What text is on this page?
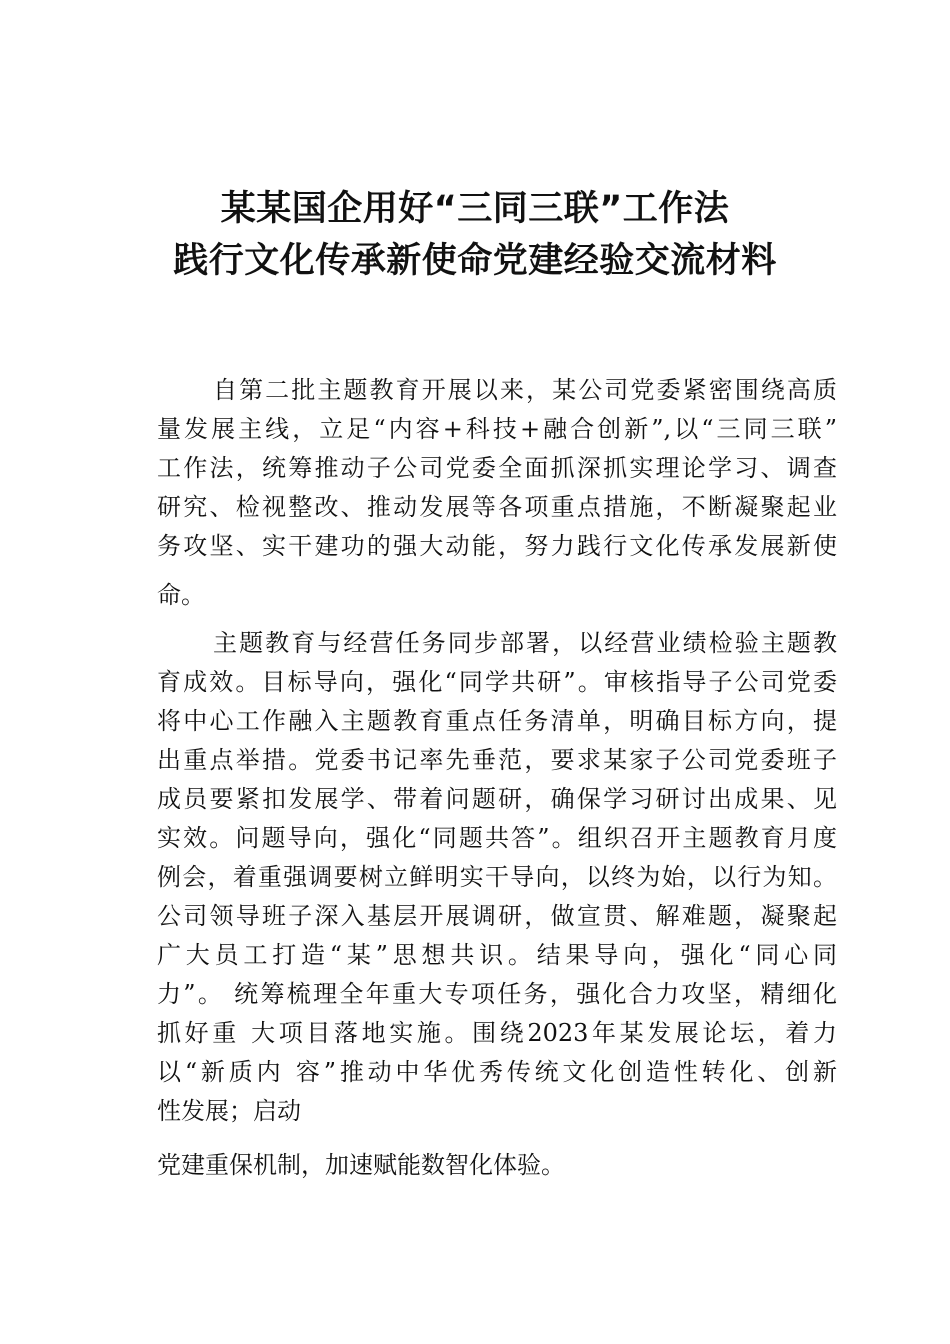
某某国企用好“三同三联”工作法
践行文化传承新使命党建经验交流材料
自第二批主题教育开展以来，某公司党委紧密围绕高质
量发展主线，立足“内容+科技+融合创新”,以“三同三联”
工作法，统筹推动子公司党委全面抓深抓实理论学习、调查
研究、检视整改、推动发展等各项重点措施，不断凝聚起业
务攻坚、实干建功的强大动能，努力践行文化传承发展新使
命。
主题教育与经营任务同步部署，以经营业绩检验主题教
育成效。目标导向，强化“同学共研”。审核指导子公司党委
将中心工作融入主题教育重点任务清单，明确目标方向，提
出重点举措。党委书记率先垂范，要求某家子公司党委班子
成员要紧扣发展学、带着问题研，确保学习研讨出成果、见
实效。问题导向，强化“同题共答”。组织召开主题教育月度
例会，着重强调要树立鲜明实干导向，以终为始，以行为知。
公司领导班子深入基层开展调研，做宣贯、解难题，凝聚起
广大员工打造“某”思想共识。结果导向，强化“同心同
力”。 统筹梳理全年重大专项任务，强化合力攻坚，精细化
抓好重 大项目落地实施。围绕2023年某发展论坛，着力
以“新质内 容”推动中华优秀传统文化创造性转化、创新
性发展；启动
党建重保机制，加速赋能数智化体验。
